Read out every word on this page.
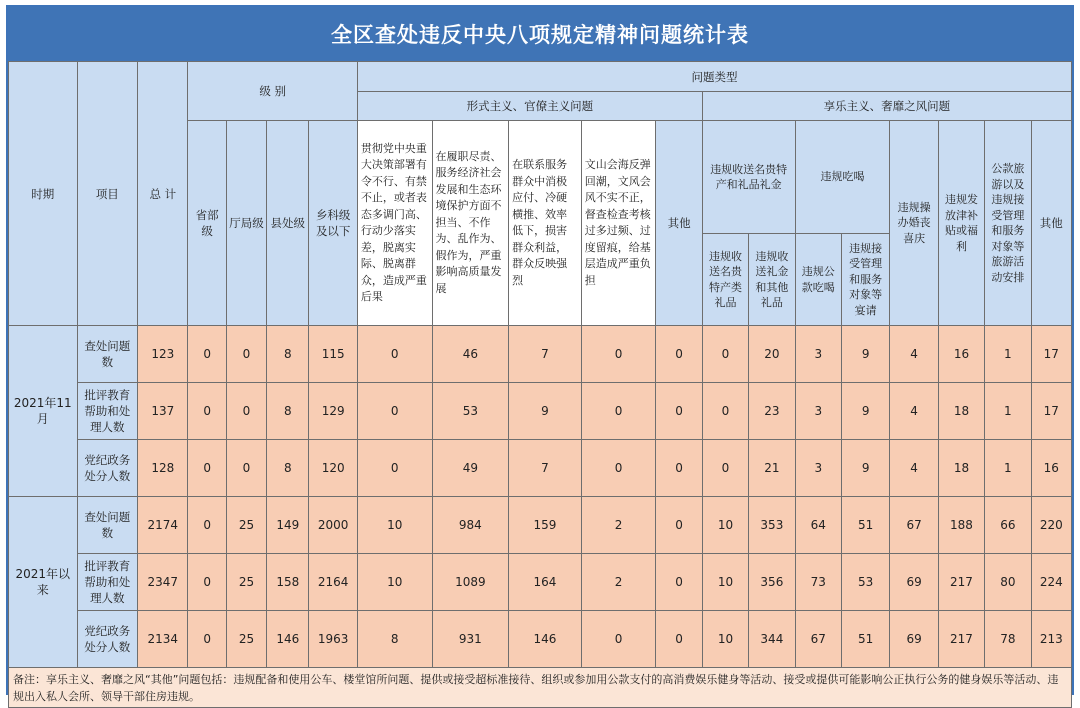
全区查处违反中央八项规定精神问题统计表
时期	项目	总 计	级 别				问题类型												
							形式主义、官僚主义问题					享乐主义、奢靡之风问题							
			省部级	厅局级	县处级	乡科级及以下	贯彻党中央重大决策部署有令不行、有禁不止，或者表态多调门高、行动少落实差，脱离实际、脱离群众，造成严重后果	在履职尽责、服务经济社会发展和生态环境保护方面不担当、不作为、乱作为、假作为，严重影响高质量发展	在联系服务群众中消极应付、冷硬横推、效率低下，损害群众利益，群众反映强烈	文山会海反弹回潮，文风会风不实不正，督查检查考核过多过频、过度留痕，给基层造成严重负担	其他	违规收送名贵特产和礼品礼金		违规吃喝		违规操办婚丧喜庆	违规发放津补贴或福利	公款旅游以及违规接受管理和服务对象等旅游活动安排	其他
												违规收送名贵特产类礼品	违规收送礼金和其他礼品	违规公款吃喝	违规接受管理和服务对象等宴请				
2021年11月	查处问题数	123	0	0	8	115	0	46	7	0	0	0	20	3	9	4	16	1	17
	批评教育帮助和处理人数	137	0	0	8	129	0	53	9	0	0	0	23	3	9	4	18	1	17
	党纪政务处分人数	128	0	0	8	120	0	49	7	0	0	0	21	3	9	4	18	1	16
2021年以来	查处问题数	2174	0	25	149	2000	10	984	159	2	0	10	353	64	51	67	188	66	220
	批评教育帮助和处理人数	2347	0	25	158	2164	10	1089	164	2	0	10	356	73	53	69	217	80	224
	党纪政务处分人数	2134	0	25	146	1963	8	931	146	0	0	10	344	67	51	69	217	78	213
备注：享乐主义、奢靡之风“其他”问题包括：违规配备和使用公车、楼堂馆所问题、提供或接受超标准接待、组织或参加用公款支付的高消费娱乐健身等活动、接受或提供可能影响公正执行公务的健身娱乐等活动、违规出入私人会所、领导干部住房违规。																			
